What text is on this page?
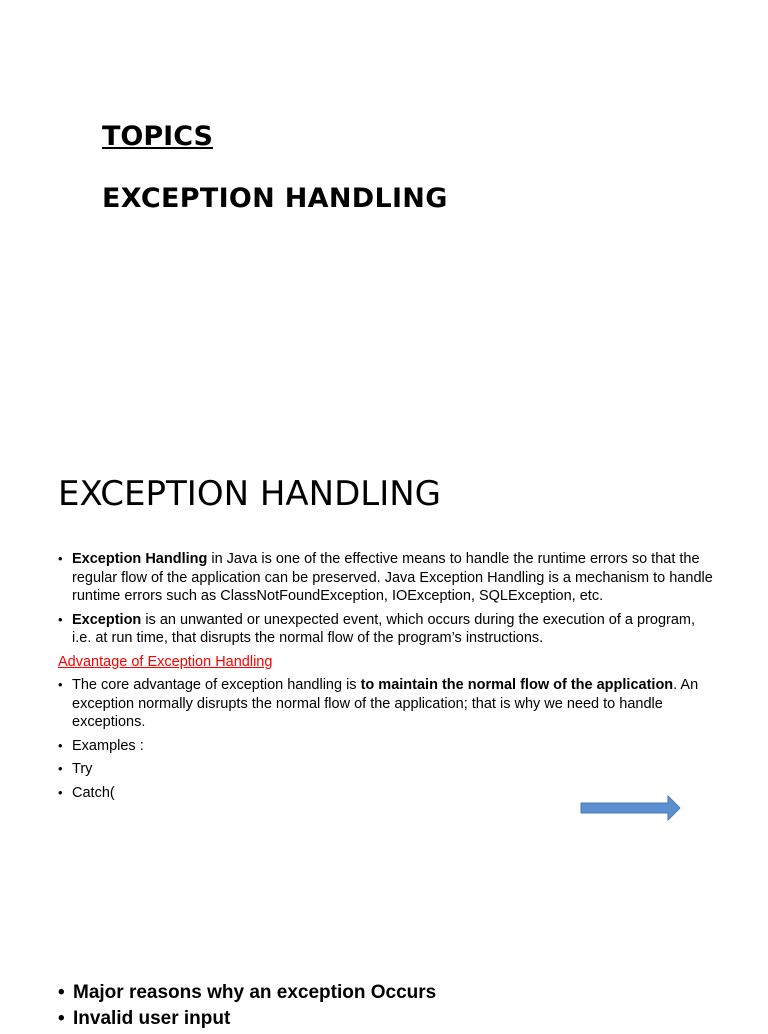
TOPICS
EXCEPTION HANDLING
EXCEPTION HANDLING

• Exception Handling in Java is one of the effective means to handle the runtime errors so that the regular flow of the application can be preserved. Java Exception Handling is a mechanism to handle runtime errors such as ClassNotFoundException, IOException, SQLException, etc.

• Exception is an unwanted or unexpected event, which occurs during the execution of a program, i.e. at run time, that disrupts the normal flow of the program’s instructions.

Advantage of Exception Handling

• The core advantage of exception handling is to maintain the normal flow of the application. An exception normally disrupts the normal flow of the application; that is why we need to handle exceptions.

• Examples :

• Try

• Catch(

• Major reasons why an exception Occurs

• Invalid user input
